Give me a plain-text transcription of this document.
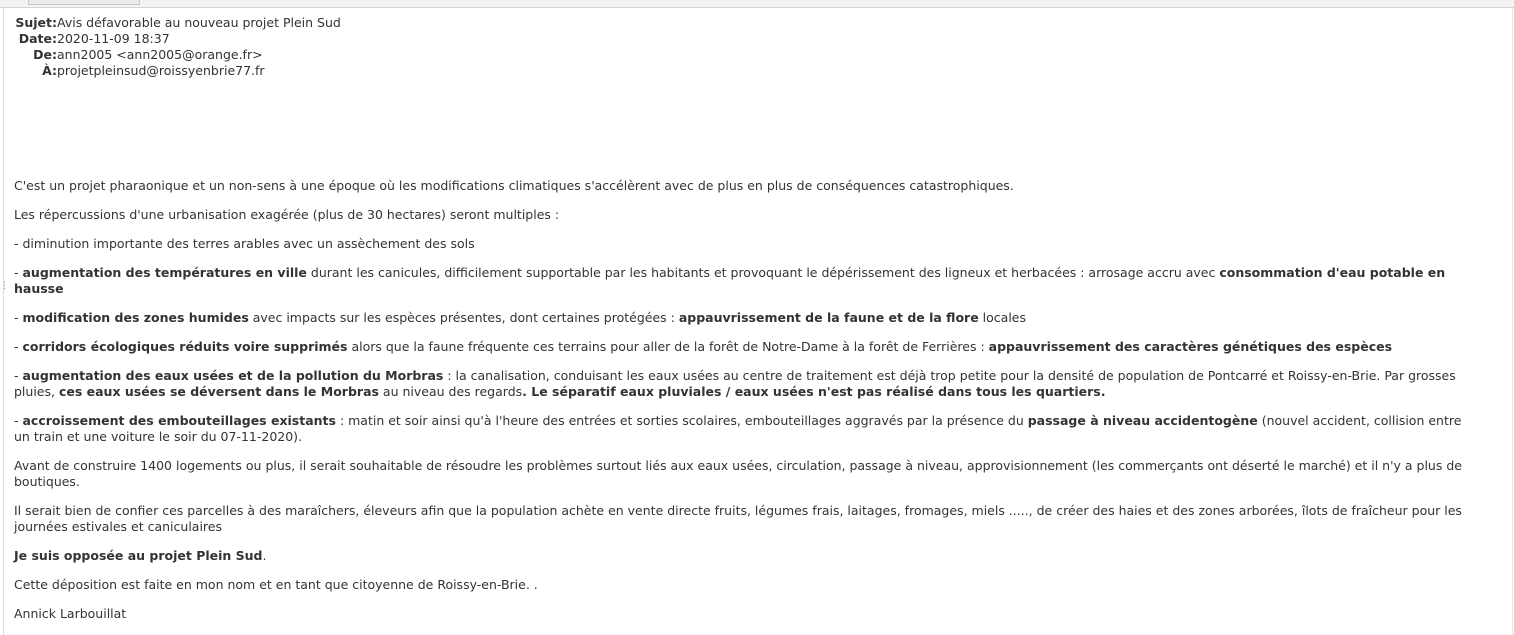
⋮
Sujet: Avis défavorable au nouveau projet Plein Sud
Date: 2020-11-09 18:37
De: ann2005 <ann2005@orange.fr>
À: projetpleinsud@roissyenbrie77.fr

C'est un projet pharaonique et un non-sens à une époque où les modifications climatiques s'accélèrent avec de plus en plus de conséquences catastrophiques.

Les répercussions d'une urbanisation exagérée (plus de 30 hectares) seront multiples :

- diminution importante des terres arables avec un assèchement des sols

- augmentation des températures en ville durant les canicules, difficilement supportable par les habitants et provoquant le dépérissement des ligneux et herbacées : arrosage accru avec consommation d'eau potable en hausse

- modification des zones humides avec impacts sur les espèces présentes, dont certaines protégées : appauvrissement de la faune et de la flore locales

- corridors écologiques réduits voire supprimés alors que la faune fréquente ces terrains pour aller de la forêt de Notre-Dame à la forêt de Ferrières : appauvrissement des caractères génétiques des espèces

- augmentation des eaux usées et de la pollution du Morbras : la canalisation, conduisant les eaux usées au centre de traitement est déjà trop petite pour la densité de population de Pontcarré et Roissy-en-Brie. Par grosses pluies, ces eaux usées se déversent dans le Morbras au niveau des regards. Le séparatif eaux pluviales / eaux usées n'est pas réalisé dans tous les quartiers.

- accroissement des embouteillages existants : matin et soir ainsi qu'à l'heure des entrées et sorties scolaires, embouteillages aggravés par la présence du passage à niveau accidentogène (nouvel accident, collision entre un train et une voiture le soir du 07-11-2020).

Avant de construire 1400 logements ou plus, il serait souhaitable de résoudre les problèmes surtout liés aux eaux usées, circulation, passage à niveau, approvisionnement (les commerçants ont déserté le marché) et il n'y a plus de boutiques.

Il serait bien de confier ces parcelles à des maraîchers, éleveurs afin que la population achète en vente directe fruits, légumes frais, laitages, fromages, miels ....., de créer des haies et des zones arborées, îlots de fraîcheur pour les journées estivales et caniculaires

Je suis opposée au projet Plein Sud.

Cette déposition est faite en mon nom et en tant que citoyenne de Roissy-en-Brie. .

Annick Larbouillat
